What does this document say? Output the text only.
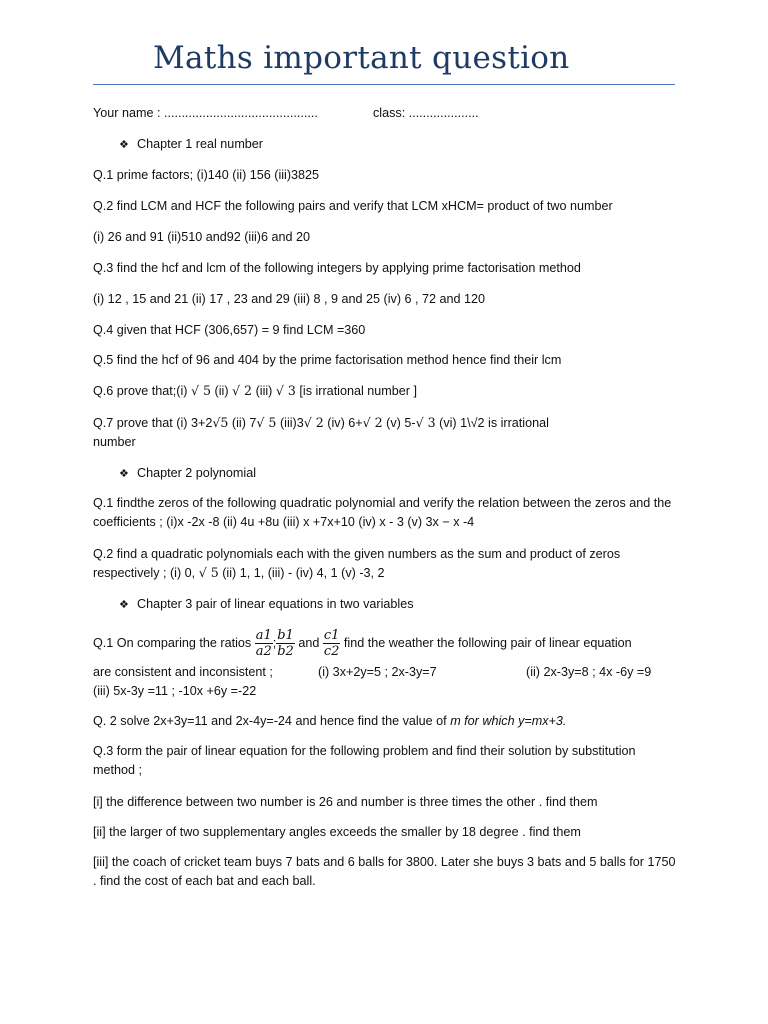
Maths important question
Your name : ............................................	class: ....................
❖ Chapter 1 real number
Q.1 prime factors; (i)140 (ii) 156 (iii)3825
Q.2 find LCM and HCF the following pairs and verify that LCM xHCM= product of two number
(i) 26 and 91 (ii)510 and92 (iii)6 and 20
Q.3 find the hcf and lcm of the following integers by applying prime factorisation method
(i) 12 , 15 and 21 (ii) 17 , 23 and 29 (iii) 8 , 9 and 25 (iv) 6 , 72 and 120
Q.4 given that HCF (306,657) = 9 find LCM =360
Q.5 find the hcf of 96 and 404 by the prime factorisation method hence find their lcm
Q.6 prove that;(i) √ 5 (ii) √ 2 (iii) √ 3 [is irrational number ]
Q.7 prove that (i) 3+2√5 (ii) 7√ 5 (iii)3√ 2 (iv) 6+√ 2 (v) 5-√ 3 (vi) 1\√2 is irrational
number
❖ Chapter 2 polynomial
Q.1 findthe zeros of the following quadratic polynomial and verify the relation between the zeros and the coefficients ; (i)x -2x -8 (ii) 4u +8u (iii) x +7x+10 (iv) x - 3 (v) 3x − x -4
Q.2 find a quadratic polynomials each with the given numbers as the sum and product of zeros
respectively ; (i) 0, √ 5 (ii) 1, 1, (iii) - (iv) 4, 1 (v) -3, 2
❖ Chapter 3 pair of linear equations in two variables
Q.1 On comparing the ratios $\frac{a1}{a2}$ ; $\frac{b1}{b2}$ and $\frac{c1}{c2}$ find the weather the following pair of linear equation
are consistent and inconsistent ;	(i) 3x+2y=5 ; 2x-3y=7	(ii) 2x-3y=8 ; 4x -6y =9
(iii) 5x-3y =11 ; -10x +6y =-22
Q. 2 solve 2x+3y=11 and 2x-4y=-24 and hence find the value of m for which y=mx+3.
Q.3 form the pair of linear equation for the following problem and find their solution by substitution method ;
[i] the difference between two number is 26 and number is three times the other . find them
[ii] the larger of two supplementary angles exceeds the smaller by 18 degree . find them
[iii] the coach of cricket team buys 7 bats and 6 balls for 3800. Later she buys 3 bats and 5 balls for 1750 . find the cost of each bat and each ball.
